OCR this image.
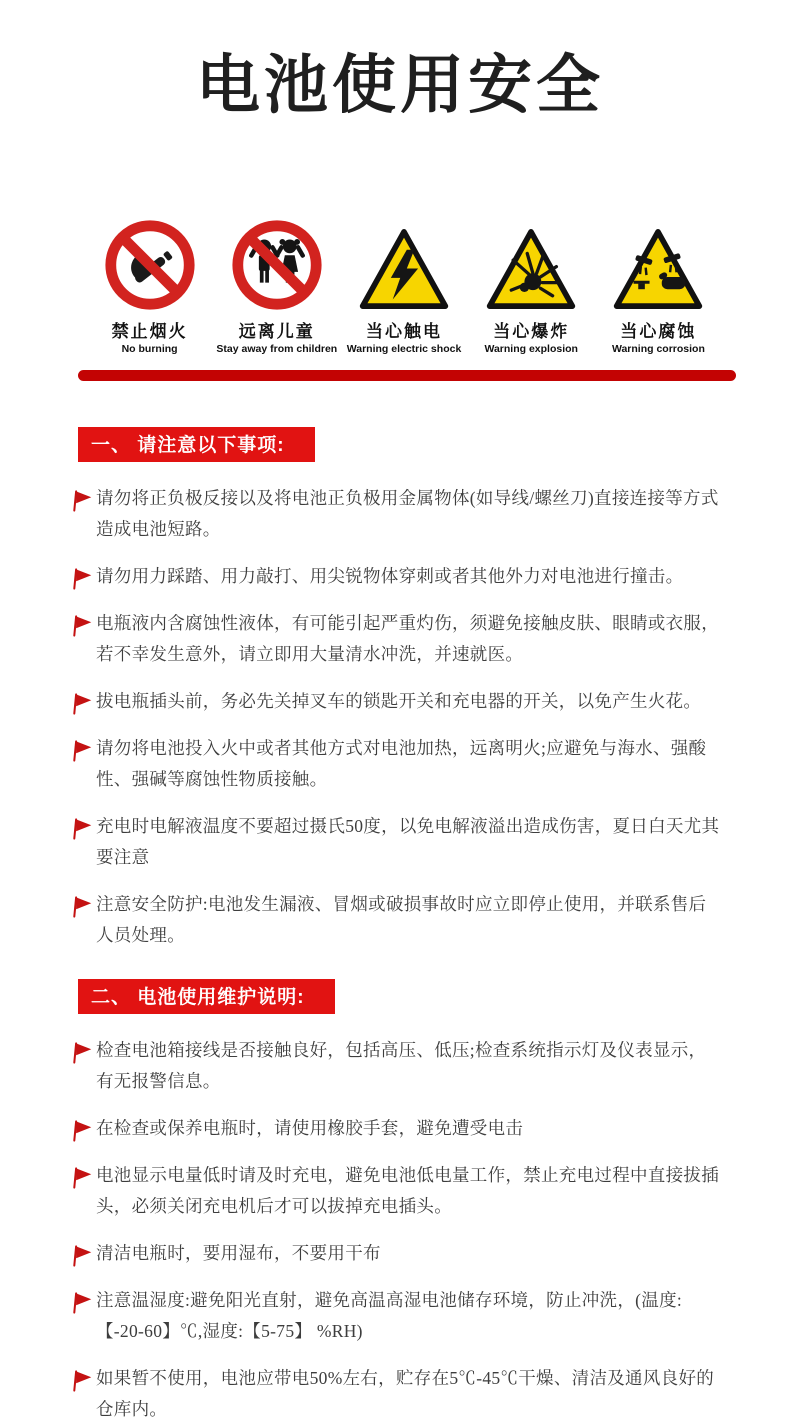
电池使用安全
禁止烟火
No burning
远离儿童
Stay away from children
当心触电
Warning electric shock
当心爆炸
Warning explosion
当心腐蚀
Warning corrosion
一、 请注意以下事项:

请勿将正负极反接以及将电池正负极用金属物体(如导线/螺丝刀)直接连接等方式造成电池短路。

请勿用力踩踏、用力敲打、用尖锐物体穿刺或者其他外力对电池进行撞击。

电瓶液内含腐蚀性液体，有可能引起严重灼伤，须避免接触皮肤、眼睛或衣服，若不幸发生意外，请立即用大量清水冲洗，并速就医。

拔电瓶插头前，务必先关掉叉车的锁匙开关和充电器的开关，以免产生火花。

请勿将电池投入火中或者其他方式对电池加热，远离明火;应避免与海水、强酸性、强碱等腐蚀性物质接触。

充电时电解液温度不要超过摄氏50度，以免电解液溢出造成伤害，夏日白天尤其要注意

注意安全防护:电池发生漏液、冒烟或破损事故时应立即停止使用，并联系售后人员处理。

二、 电池使用维护说明:

检查电池箱接线是否接触良好，包括高压、低压;检查系统指示灯及仪表显示，有无报警信息。

在检查或保养电瓶时，请使用橡胶手套，避免遭受电击

电池显示电量低时请及时充电，避免电池低电量工作，禁止充电过程中直接拔插头，必须关闭充电机后才可以拔掉充电插头。

清洁电瓶时，要用湿布，不要用干布

注意温湿度:避免阳光直射，避免高温高湿电池储存环境，防止冲洗，(温度:【-20-60】℃,湿度:【5-75】 %RH)

如果暂不使用，电池应带电50%左右，贮存在5℃-45℃干燥、清洁及通风良好的仓库内。
